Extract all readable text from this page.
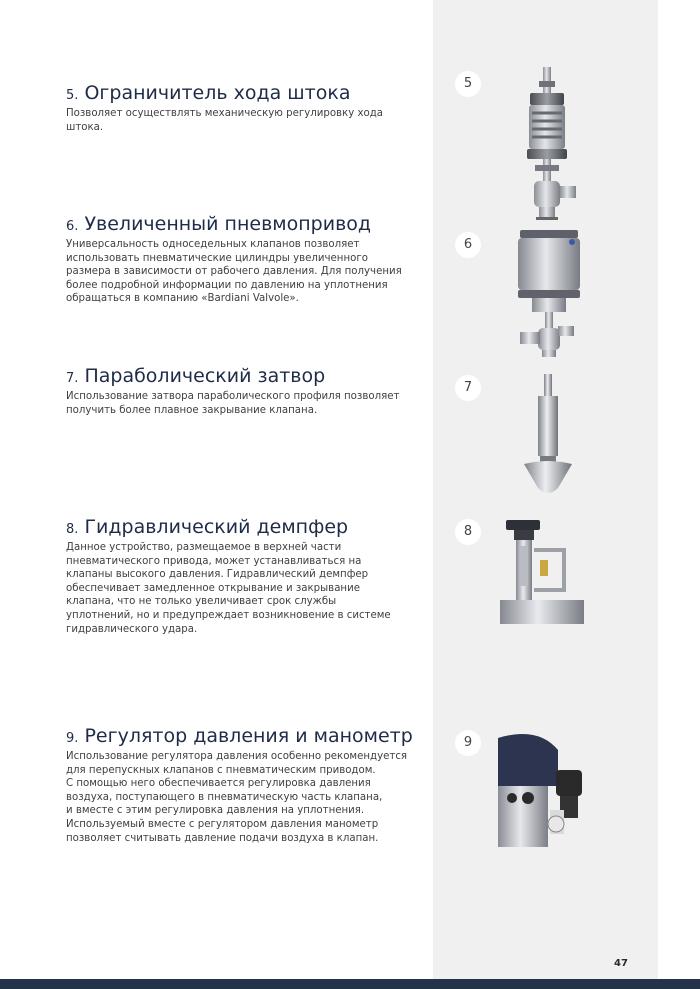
5. Ограничитель хода штока

Позволяет осуществлять механическую регулировку хода
штока.

6. Увеличенный пневмопривод

Универсальность односедельных клапанов позволяет
использовать пневматические цилиндры увеличенного
размера в зависимости от рабочего давления. Для получения
более подробной информации по давлению на уплотнения
обращаться в компанию «Bardiani Valvole».

7. Параболический затвор

Использование затвора параболического профиля позволяет
получить более плавное закрывание клапана.

8. Гидравлический демпфер

Данное устройство, размещаемое в верхней части
пневматического привода, может устанавливаться на
клапаны высокого давления. Гидравлический демпфер
обеспечивает замедленное открывание и закрывание
клапана, что не только увеличивает срок службы
уплотнений, но и предупреждает возникновение в системе
гидравлического удара.

9. Регулятор давления и манометр

Использование регулятора давления особенно рекомендуется
для перепускных клапанов с пневматическим приводом.
С помощью него обеспечивается регулировка давления
воздуха, поступающего в пневматическую часть клапана,
и вместе с этим регулировка давления на уплотнения.
Используемый вместе с регулятором давления манометр
позволяет считывать давление подачи воздуха в клапан.

5
6
7
8
9
47
